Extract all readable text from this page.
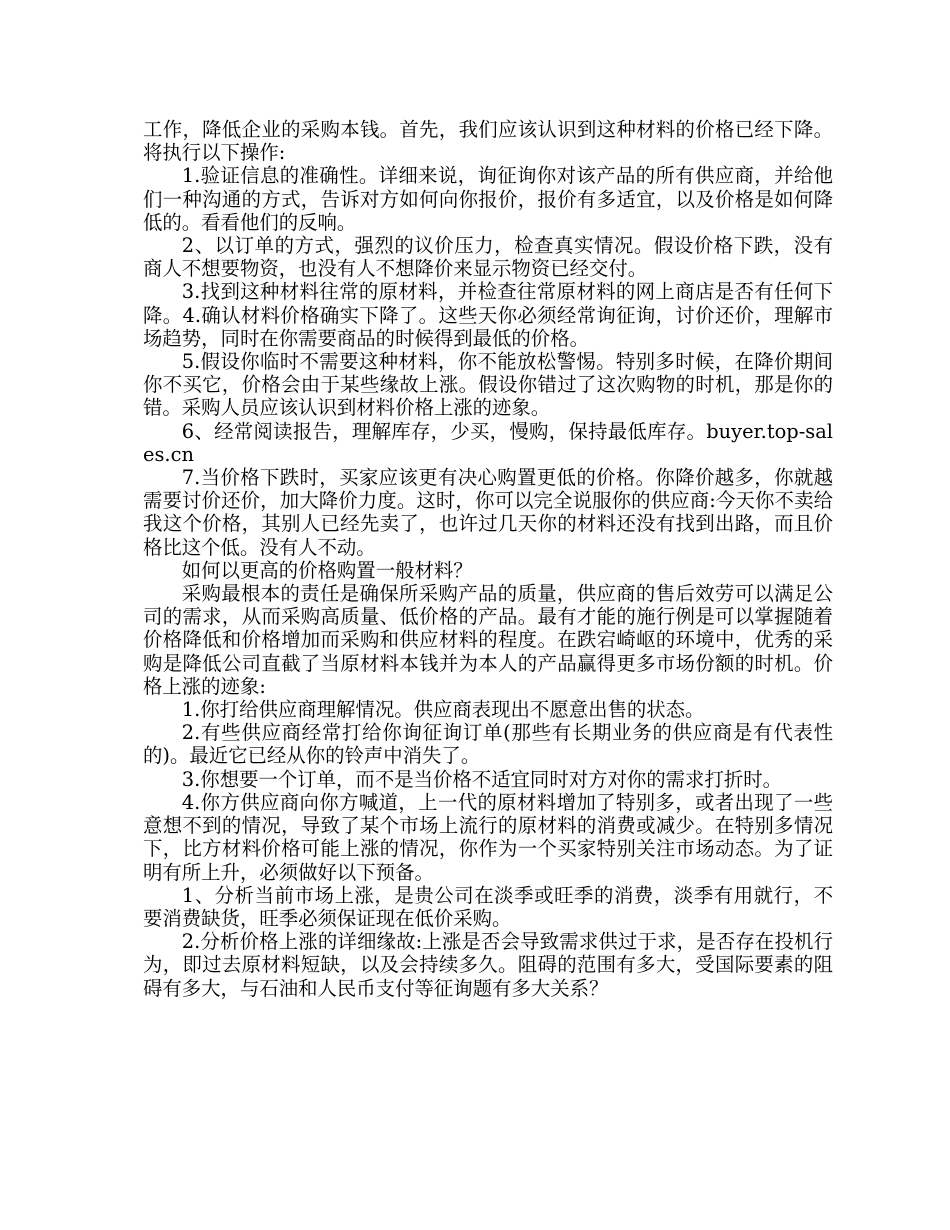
工作，降低企业的采购本钱。首先，我们应该认识到这种材料的价格已经下降。将执行以下操作:

1.验证信息的准确性。详细来说，询征询你对该产品的所有供应商，并给他们一种沟通的方式，告诉对方如何向你报价，报价有多适宜，以及价格是如何降低的。看看他们的反响。

2、以订单的方式，强烈的议价压力，检查真实情况。假设价格下跌，没有商人不想要物资，也没有人不想降价来显示物资已经交付。

3.找到这种材料往常的原材料，并检查往常原材料的网上商店是否有任何下降。4.确认材料价格确实下降了。这些天你必须经常询征询，讨价还价，理解市场趋势，同时在你需要商品的时候得到最低的价格。

5.假设你临时不需要这种材料，你不能放松警惕。特别多时候，在降价期间你不买它，价格会由于某些缘故上涨。假设你错过了这次购物的时机，那是你的错。采购人员应该认识到材料价格上涨的迹象。

6、经常阅读报告，理解库存，少买，慢购，保持最低库存。buyer.top-sales.cn

7.当价格下跌时，买家应该更有决心购置更低的价格。你降价越多，你就越需要讨价还价，加大降价力度。这时，你可以完全说服你的供应商:今天你不卖给我这个价格，其别人已经先卖了，也许过几天你的材料还没有找到出路，而且价格比这个低。没有人不动。

如何以更高的价格购置一般材料？

采购最根本的责任是确保所采购产品的质量，供应商的售后效劳可以满足公司的需求，从而采购高质量、低价格的产品。最有才能的施行例是可以掌握随着价格降低和价格增加而采购和供应材料的程度。在跌宕崎岖的环境中，优秀的采购是降低公司直截了当原材料本钱并为本人的产品赢得更多市场份额的时机。价格上涨的迹象:

1.你打给供应商理解情况。供应商表现出不愿意出售的状态。

2.有些供应商经常打给你询征询订单(那些有长期业务的供应商是有代表性的)。最近它已经从你的铃声中消失了。

3.你想要一个订单，而不是当价格不适宜同时对方对你的需求打折时。

4.你方供应商向你方喊道，上一代的原材料增加了特别多，或者出现了一些意想不到的情况，导致了某个市场上流行的原材料的消费或减少。在特别多情况下，比方材料价格可能上涨的情况，你作为一个买家特别关注市场动态。为了证明有所上升，必须做好以下预备。

1、分析当前市场上涨，是贵公司在淡季或旺季的消费，淡季有用就行，不要消费缺货，旺季必须保证现在低价采购。

2.分析价格上涨的详细缘故:上涨是否会导致需求供过于求，是否存在投机行为，即过去原材料短缺，以及会持续多久。阻碍的范围有多大，受国际要素的阻碍有多大，与石油和人民币支付等征询题有多大关系？
